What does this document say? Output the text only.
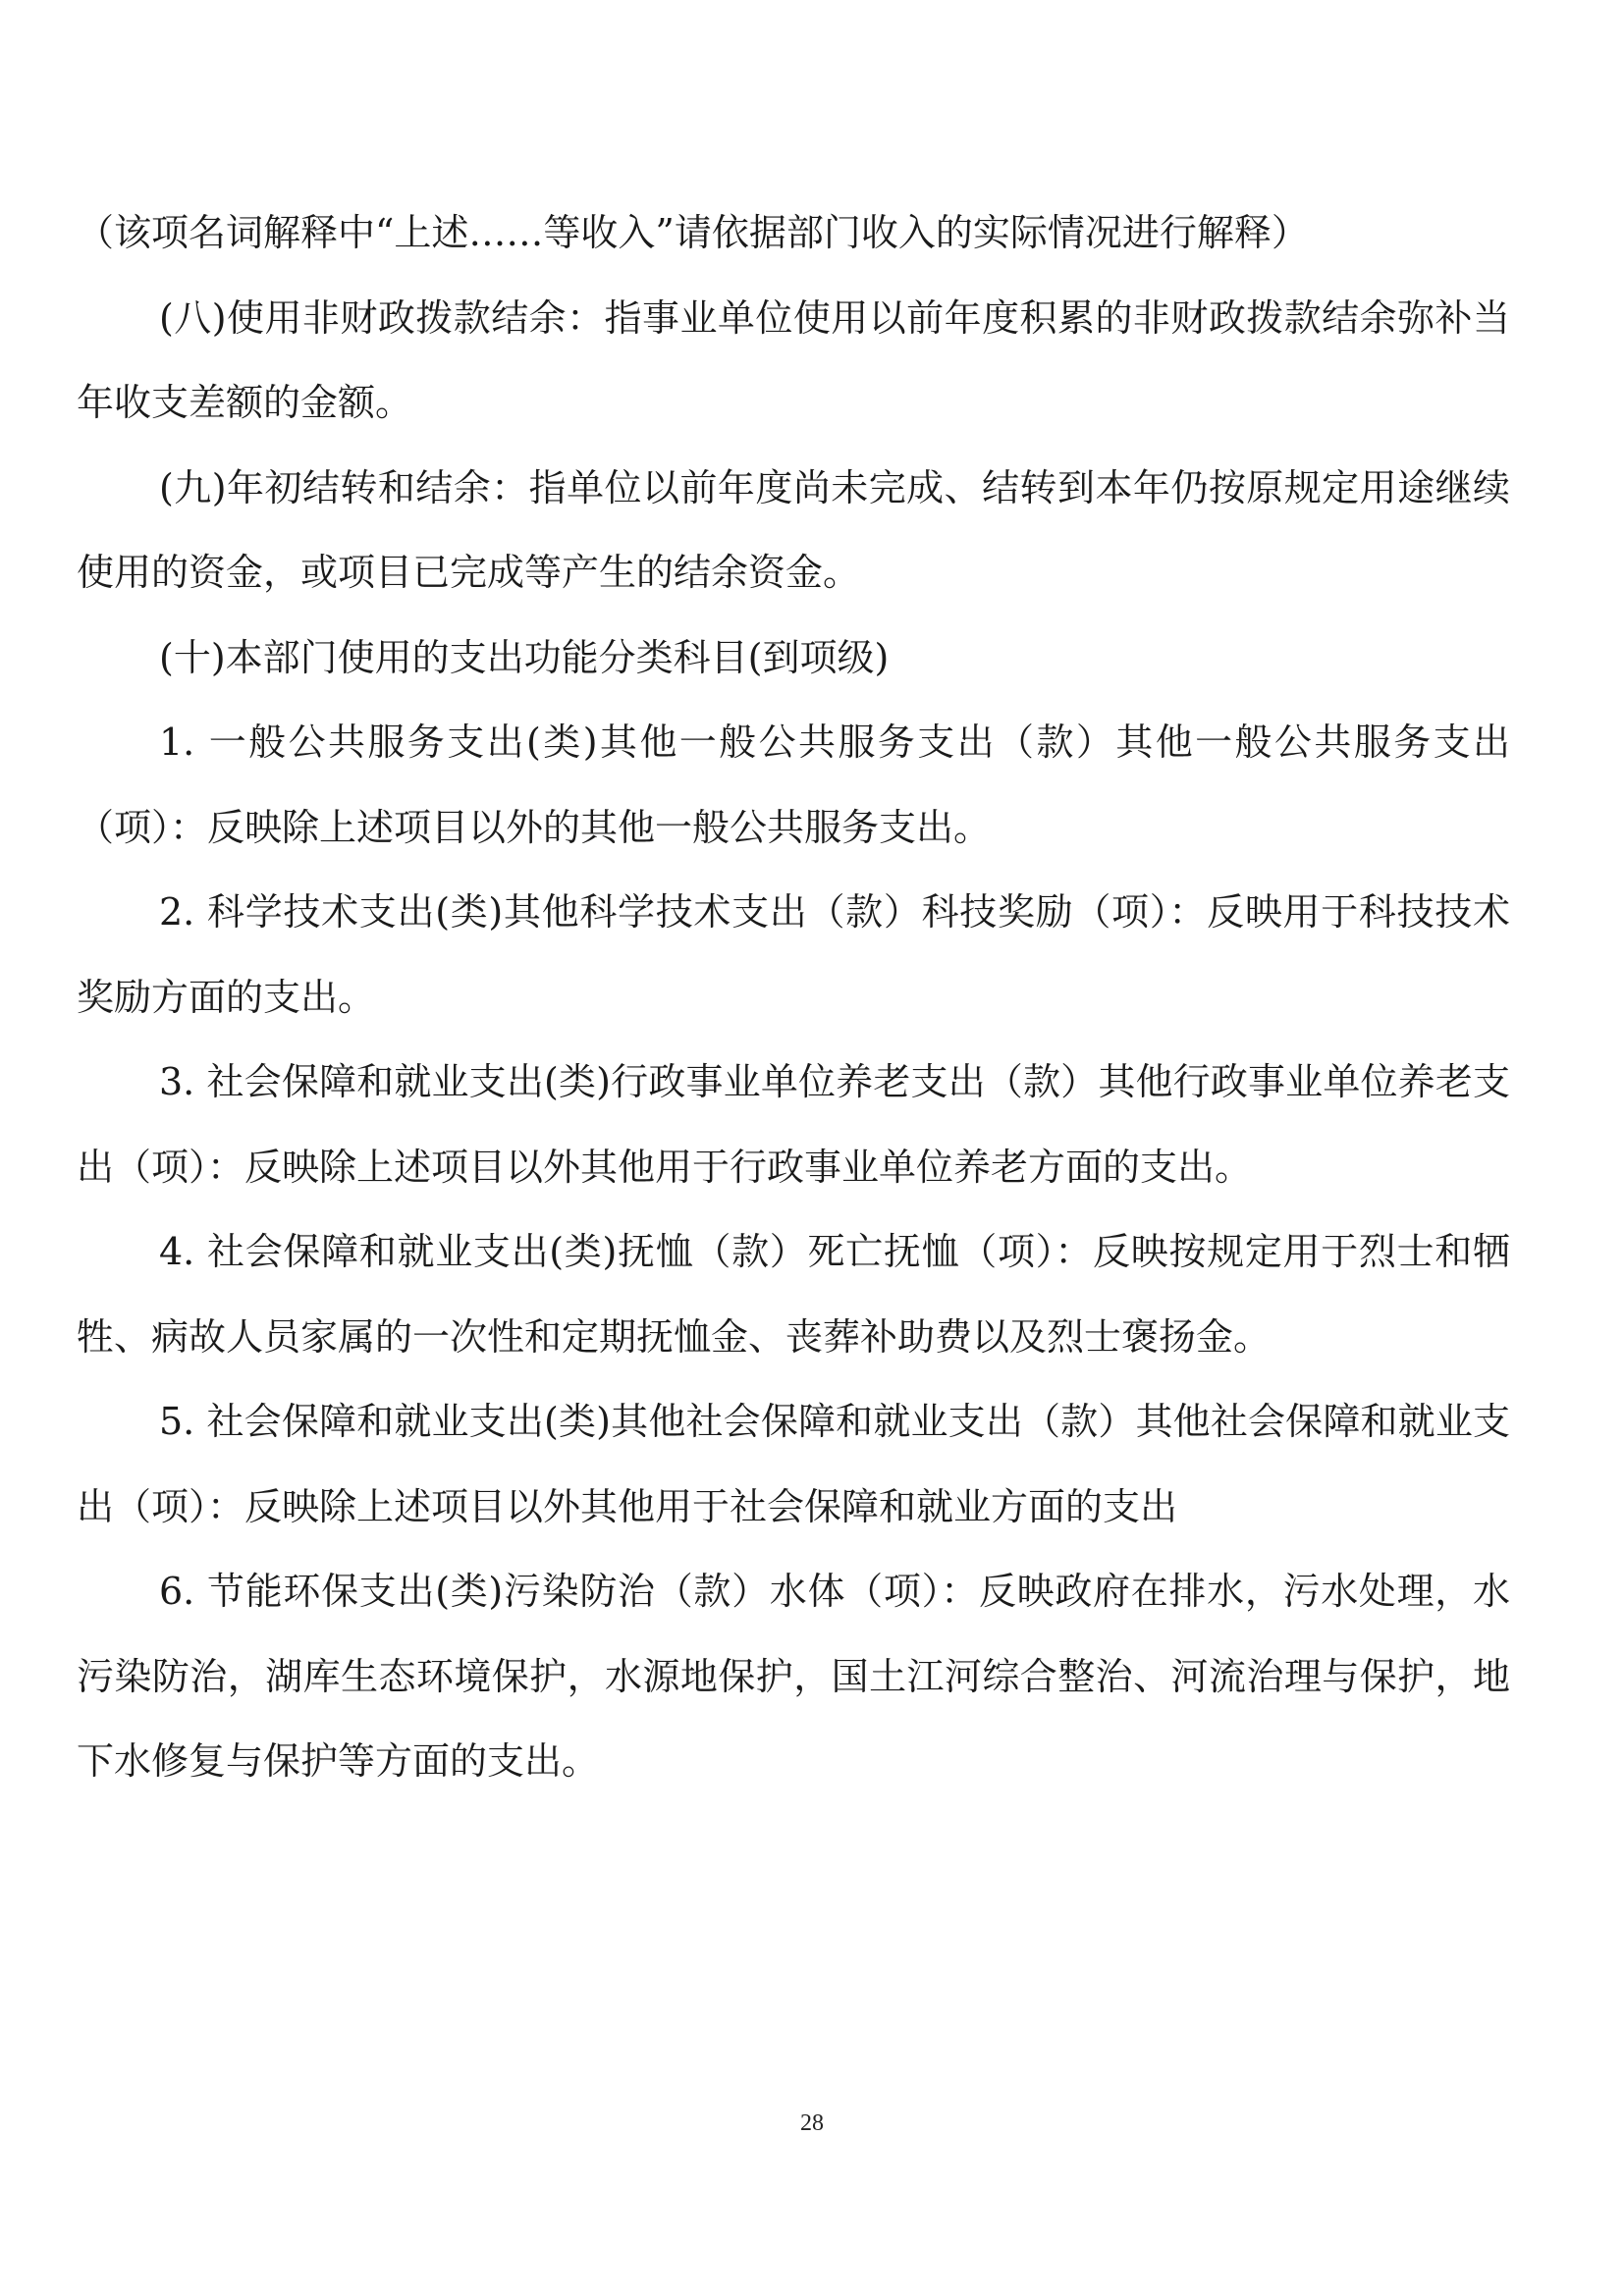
（该项名词解释中“上述……等收入”请依据部门收入的实际情况进行解释）

(八)使用非财政拨款结余：指事业单位使用以前年度积累的非财政拨款结余弥补当年收支差额的金额。

(九)年初结转和结余：指单位以前年度尚未完成、结转到本年仍按原规定用途继续使用的资金，或项目已完成等产生的结余资金。

(十)本部门使用的支出功能分类科目(到项级)

1. 一般公共服务支出(类)其他一般公共服务支出（款）其他一般公共服务支出（项）：反映除上述项目以外的其他一般公共服务支出。

2. 科学技术支出(类)其他科学技术支出（款）科技奖励（项）：反映用于科技技术奖励方面的支出。

3. 社会保障和就业支出(类)行政事业单位养老支出（款）其他行政事业单位养老支出（项）：反映除上述项目以外其他用于行政事业单位养老方面的支出。

4. 社会保障和就业支出(类)抚恤（款）死亡抚恤（项）：反映按规定用于烈士和牺牲、病故人员家属的一次性和定期抚恤金、丧葬补助费以及烈士褒扬金。

5. 社会保障和就业支出(类)其他社会保障和就业支出（款）其他社会保障和就业支出（项）：反映除上述项目以外其他用于社会保障和就业方面的支出

6. 节能环保支出(类)污染防治（款）水体（项）：反映政府在排水，污水处理，水污染防治，湖库生态环境保护，水源地保护，国土江河综合整治、河流治理与保护，地下水修复与保护等方面的支出。

28
